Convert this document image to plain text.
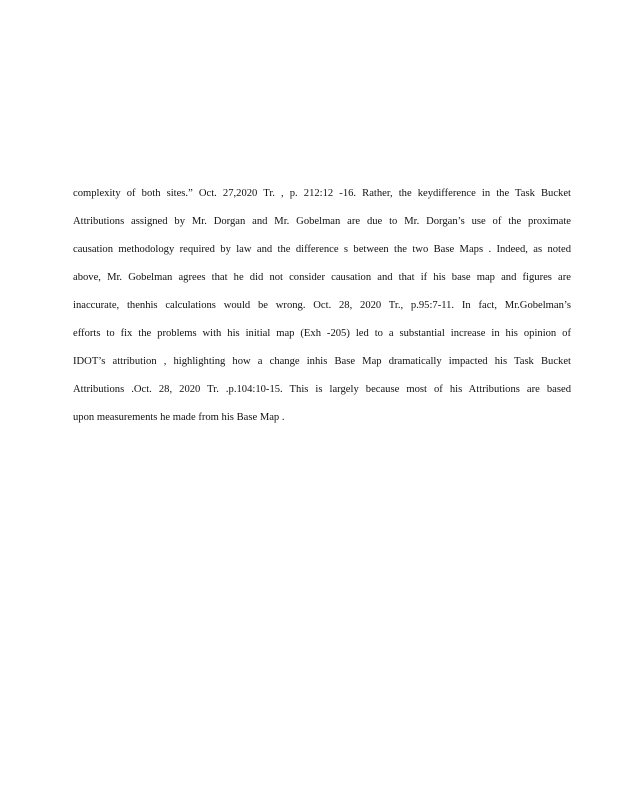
complexity of both sites.” Oct. 27,2020 Tr. , p. 212:12 -16. Rather, the keydifference in the Task Bucket
Attributions assigned by Mr. Dorgan and Mr. Gobelman are due to Mr. Dorgan’s use of the proximate
causation methodology required by law and the difference s between the two Base Maps . Indeed, as noted
above, Mr. Gobelman agrees that he did not consider causation and that if his base map and figures are
inaccurate, thenhis calculations would be wrong. Oct. 28, 2020 Tr., p.95:7-11. In fact, Mr.Gobelman’s
efforts to fix the problems with his initial map (Exh -205) led to a substantial increase in his opinion of
IDOT’s attribution , highlighting how a change inhis Base Map dramatically impacted his Task Bucket
Attributions .Oct. 28, 2020 Tr. .p.104:10-15. This is largely because most of his Attributions are based
upon measurements he made from his Base Map .
